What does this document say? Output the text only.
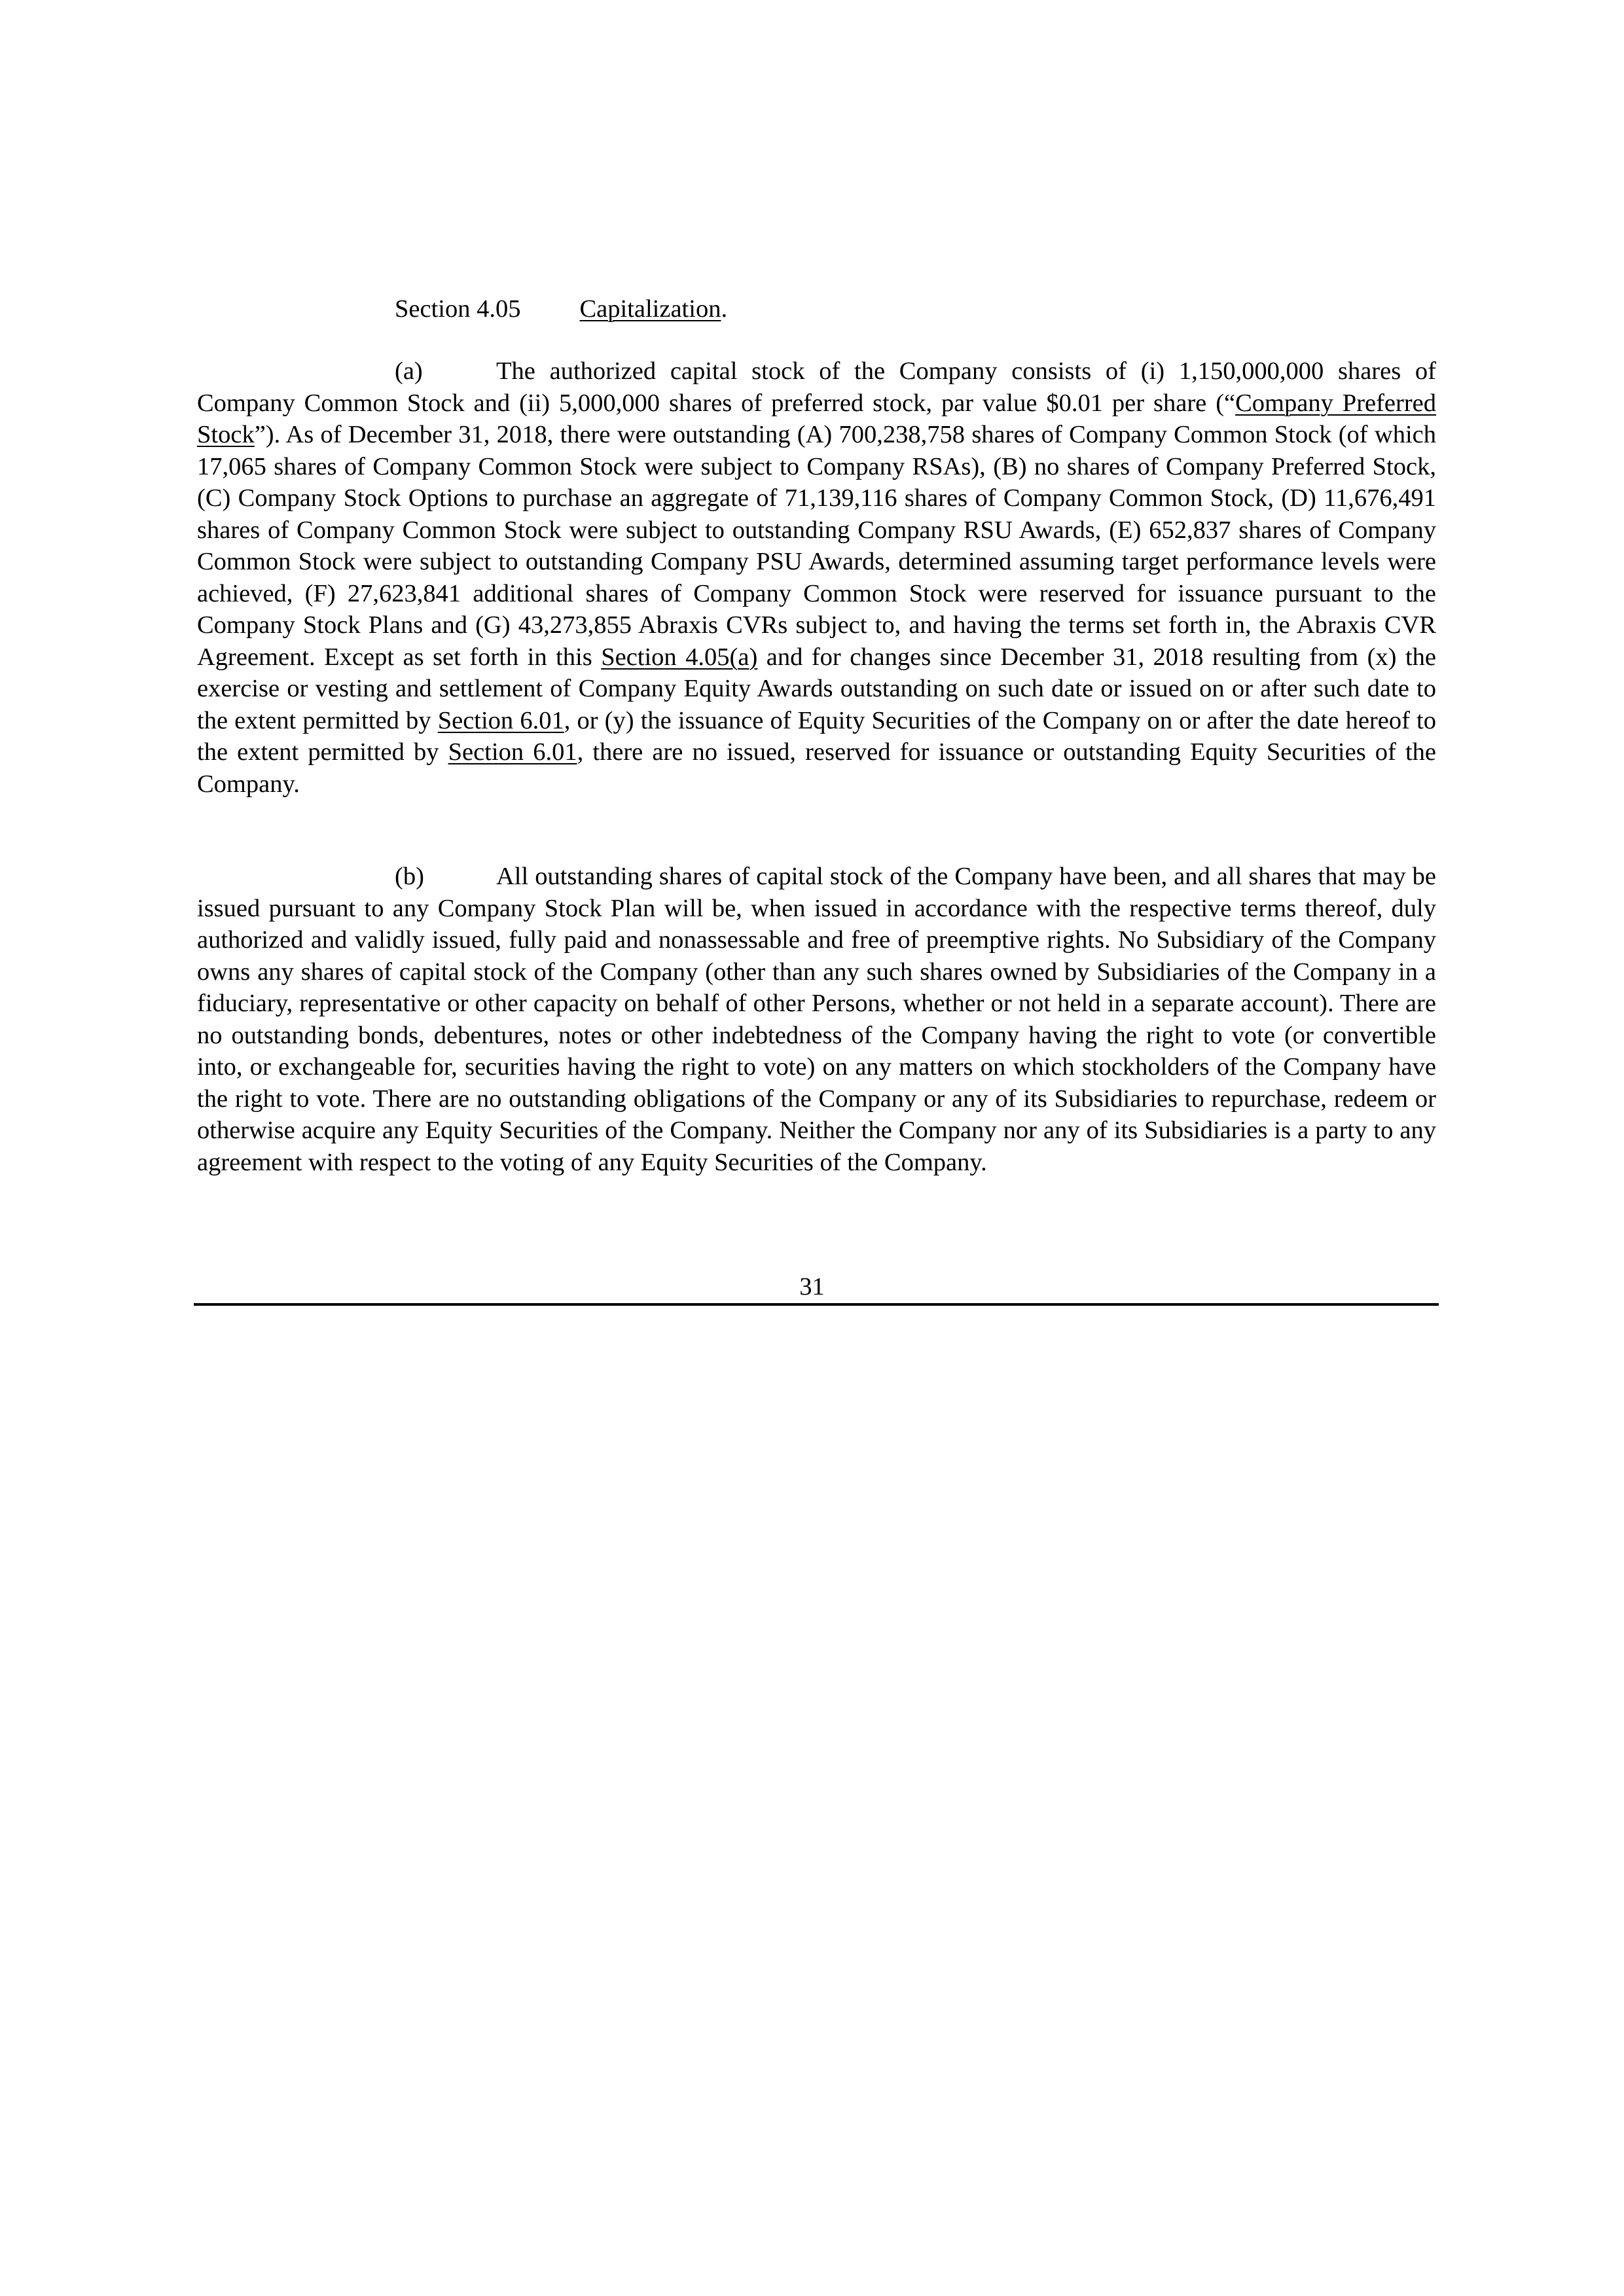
Section 4.05 Capitalization.

(a)	The authorized capital stock of the Company consists of (i) 1,150,000,000 shares of Company Common Stock and (ii) 5,000,000 shares of preferred stock, par value $0.01 per share (“Company Preferred Stock”). As of December 31, 2018, there were outstanding (A) 700,238,758 shares of Company Common Stock (of which 17,065 shares of Company Common Stock were subject to Company RSAs), (B) no shares of Company Preferred Stock, (C) Company Stock Options to purchase an aggregate of 71,139,116 shares of Company Common Stock, (D) 11,676,491 shares of Company Common Stock were subject to outstanding Company RSU Awards, (E) 652,837 shares of Company Common Stock were subject to outstanding Company PSU Awards, determined assuming target performance levels were achieved, (F) 27,623,841 additional shares of Company Common Stock were reserved for issuance pursuant to the Company Stock Plans and (G) 43,273,855 Abraxis CVRs subject to, and having the terms set forth in, the Abraxis CVR Agreement. Except as set forth in this Section 4.05(a) and for changes since December 31, 2018 resulting from (x) the exercise or vesting and settlement of Company Equity Awards outstanding on such date or issued on or after such date to the extent permitted by Section 6.01, or (y) the issuance of Equity Securities of the Company on or after the date hereof to the extent permitted by Section 6.01, there are no issued, reserved for issuance or outstanding Equity Securities of the Company.

(b)	All outstanding shares of capital stock of the Company have been, and all shares that may be issued pursuant to any Company Stock Plan will be, when issued in accordance with the respective terms thereof, duly authorized and validly issued, fully paid and nonassessable and free of preemptive rights. No Subsidiary of the Company owns any shares of capital stock of the Company (other than any such shares owned by Subsidiaries of the Company in a fiduciary, representative or other capacity on behalf of other Persons, whether or not held in a separate account). There are no outstanding bonds, debentures, notes or other indebtedness of the Company having the right to vote (or convertible into, or exchangeable for, securities having the right to vote) on any matters on which stockholders of the Company have the right to vote. There are no outstanding obligations of the Company or any of its Subsidiaries to repurchase, redeem or otherwise acquire any Equity Securities of the Company. Neither the Company nor any of its Subsidiaries is a party to any agreement with respect to the voting of any Equity Securities of the Company.

31
